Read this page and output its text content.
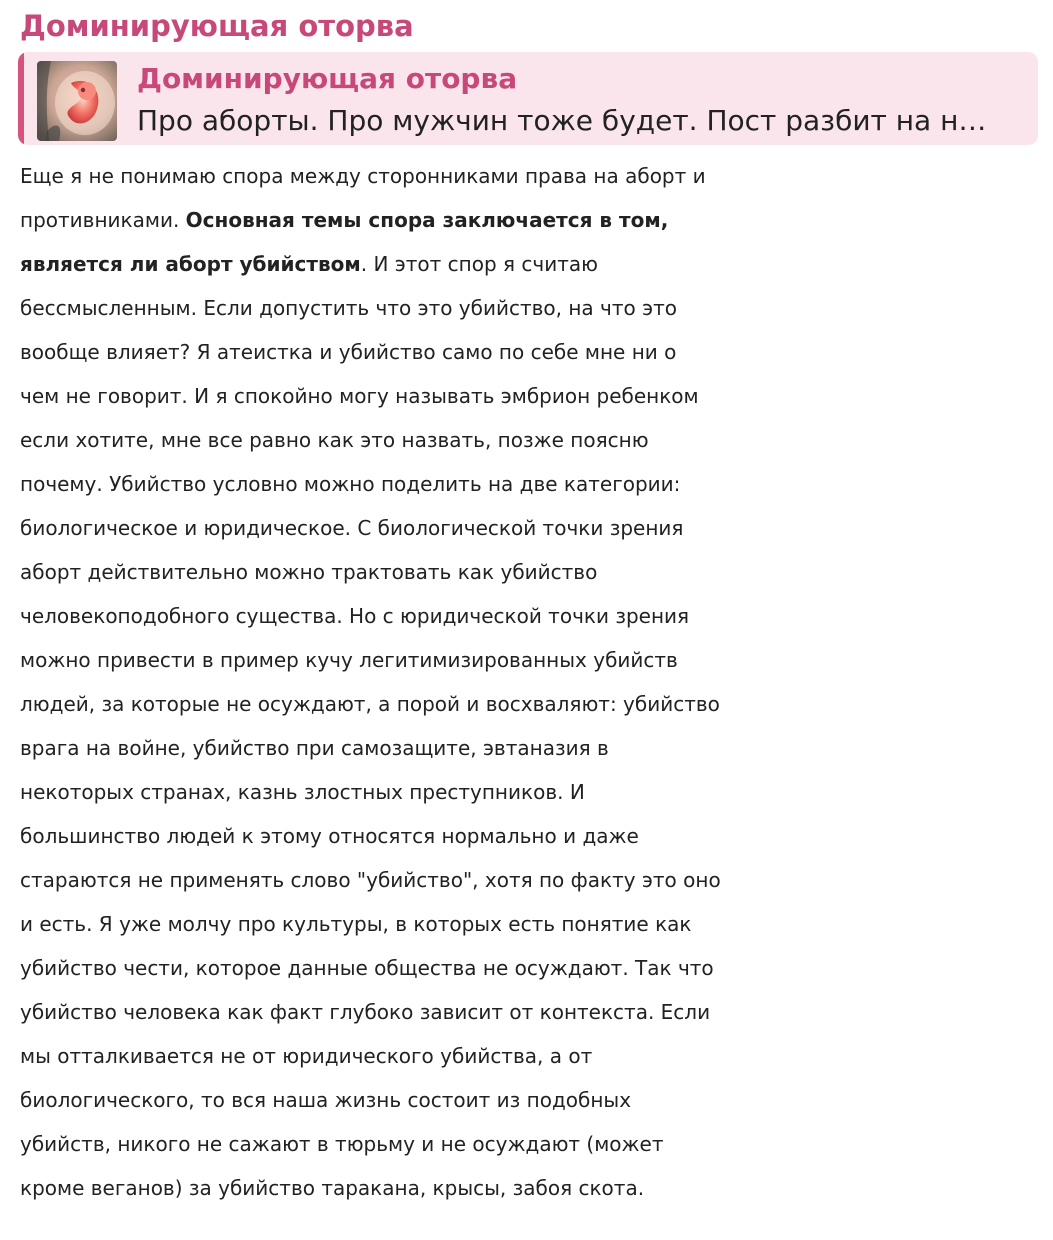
Доминирующая оторва
Доминирующая оторва
Про аборты. Про мужчин тоже будет. Пост разбит на н…
Еще я не понимаю спора между сторонниками права на аборт и
противниками. Основная темы спора заключается в том,
является ли аборт убийством. И этот спор я считаю
бессмысленным. Если допустить что это убийство, на что это
вообще влияет? Я атеистка и убийство само по себе мне ни о
чем не говорит. И я спокойно могу называть эмбрион ребенком
если хотите, мне все равно как это назвать, позже поясню
почему. Убийство условно можно поделить на две категории:
биологическое и юридическое. С биологической точки зрения
аборт действительно можно трактовать как убийство
человекоподобного существа. Но с юридической точки зрения
можно привести в пример кучу легитимизированных убийств
людей, за которые не осуждают, а порой и восхваляют: убийство
врага на войне, убийство при самозащите, эвтаназия в
некоторых странах, казнь злостных преступников. И
большинство людей к этому относятся нормально и даже
стараются не применять слово "убийство", хотя по факту это оно
и есть. Я уже молчу про культуры, в которых есть понятие как
убийство чести, которое данные общества не осуждают. Так что
убийство человека как факт глубоко зависит от контекста. Если
мы отталкивается не от юридического убийства, а от
биологического, то вся наша жизнь состоит из подобных
убийств, никого не сажают в тюрьму и не осуждают (может
кроме веганов) за убийство таракана, крысы, забоя скота.
